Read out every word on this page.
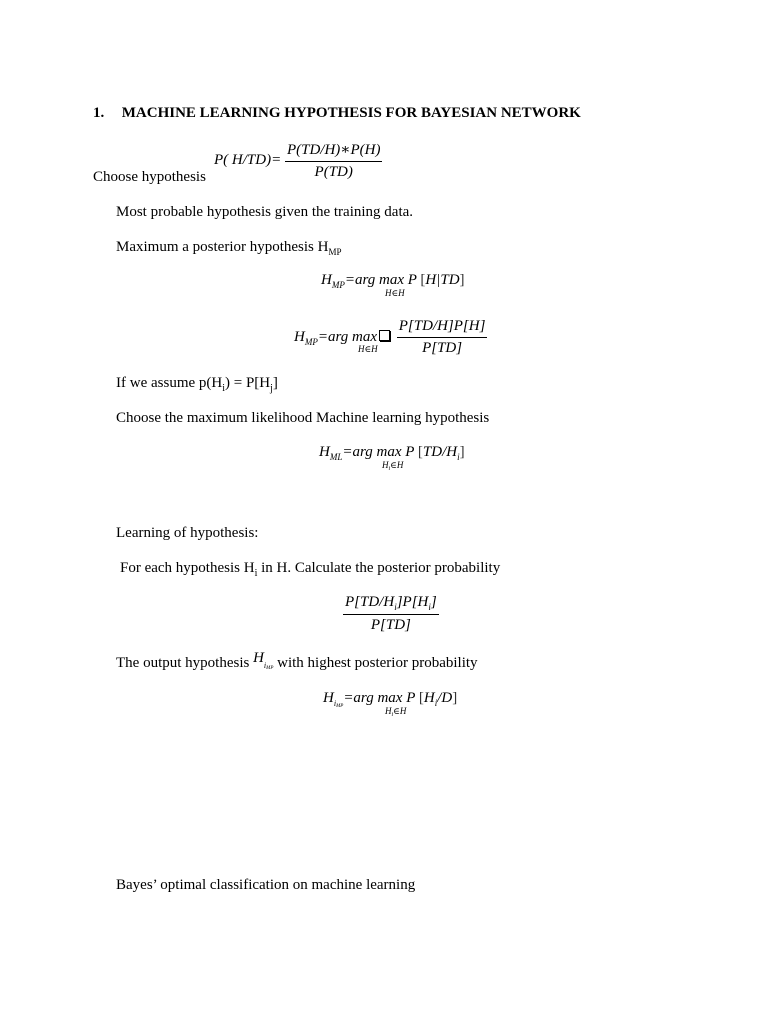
1. MACHINE LEARNING HYPOTHESIS FOR BAYESIAN NETWORK
P( $H/TD)= \frac{P(TD/H)∗P(H)}{P(TD)}$
Choose hypothesis
Most probable hypothesis given the training data.
Maximum a posterior hypothesis $H_{MP}$
$H_{MP}=arg$ max P [H|TD]
H∈H
$H_{MP}=arg$ $\max \frac{P[TD/H]P[H]}{P[TD]}$
H∈H
If we assume $p(H_i) = P[H_j]$
Choose the maximum likelihood Machine learning hypothesis
$H_{ML}=arg$ max P $[TD/H_i]$
$H_i\in H$
Learning of hypothesis:
For each hypothesis $H_i$ in H. Calculate the posterior probability
$\frac{P[TD/H_i]P[H_i]}{P[TD]}$
The output hypothesis HiMP with highest posterior probability
$H_{iMP}=arg$ max P $[H_i/D]$
$H_i\in H$
Bayes’ optimal classification on machine learning
